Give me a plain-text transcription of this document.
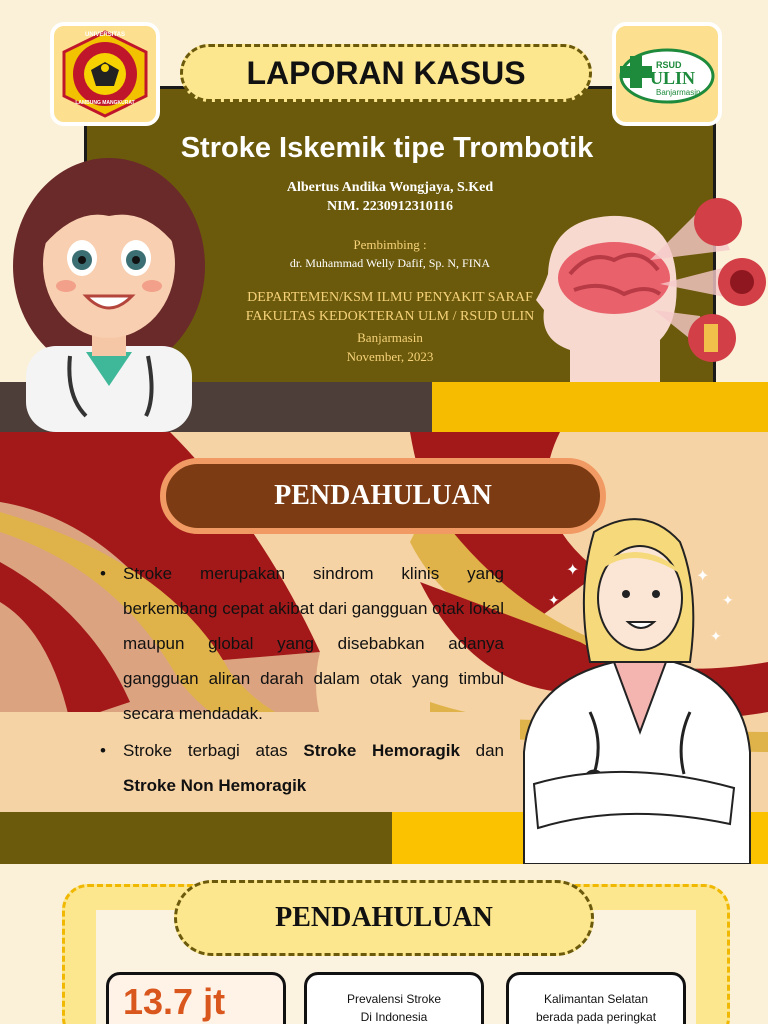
UNIVERSITAS
LAMBUNG MANGKURAT
RSUD
ULIN
Banjarmasin
LAPORAN KASUS
Stroke Iskemik tipe Trombotik
Albertus Andika Wongjaya, S.Ked
NIM. 2230912310116
Pembimbing :
dr. Muhammad Welly Dafif, Sp. N, FINA
DEPARTEMEN/KSM ILMU PENYAKIT SARAF
FAKULTAS KEDOKTERAN ULM / RSUD ULIN
Banjarmasin
November, 2023
PENDAHULUAN
• Stroke merupakan sindrom klinis yang berkembang cepat akibat dari gangguan otak lokal maupun global yang disebabkan adanya gangguan aliran darah dalam otak yang timbul secara mendadak.
• Stroke terbagi atas Stroke Hemoragik dan Stroke Non Hemoragik
✦
✦
✦
✦
✦
PENDAHULUAN
13.7 jt	Prevalensi Stroke
Di Indonesia
Kalimantan Selatan
berada pada peringkat
